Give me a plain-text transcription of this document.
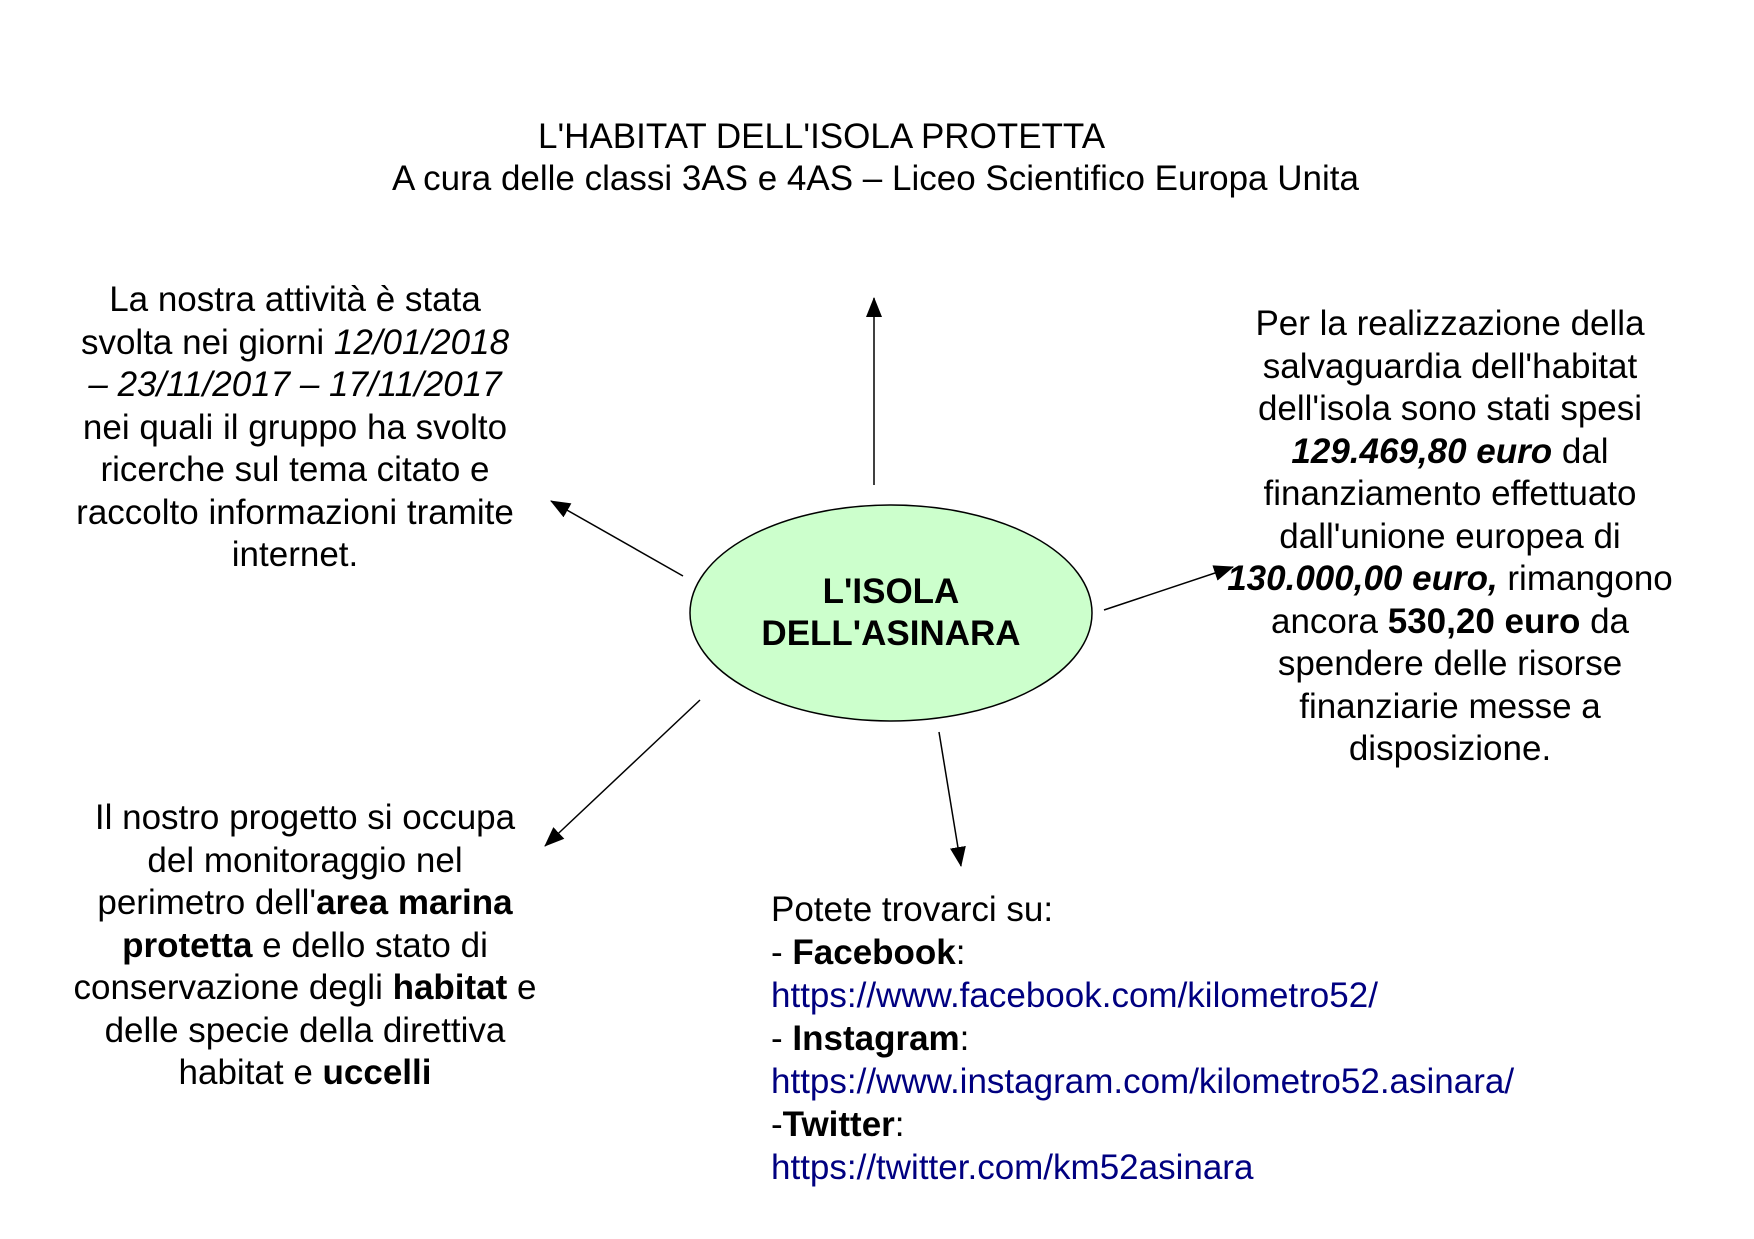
L'HABITAT DELL'ISOLA PROTETTA
A cura delle classi 3AS e 4AS – Liceo Scientifico Europa Unita
L'ISOLA
DELL'ASINARA

La nostra attività è stata svolta nei giorni 12/01/2018 – 23/11/2017 – 17/11/2017 nei quali il gruppo ha svolto ricerche sul tema citato e raccolto informazioni tramite internet.

Per la realizzazione della salvaguardia dell'habitat dell'isola sono stati spesi 129.469,80 euro dal finanziamento effettuato dall'unione europea di 130.000,00 euro, rimangono ancora 530,20 euro da spendere delle risorse finanziarie messe a disposizione.

Il nostro progetto si occupa del monitoraggio nel perimetro dell'area marina protetta e dello stato di conservazione degli habitat e delle specie della direttiva habitat e uccelli

Potete trovarci su:
- Facebook:
https://www.facebook.com/kilometro52/
- Instagram:
https://www.instagram.com/kilometro52.asinara/
-Twitter:
https://twitter.com/km52asinara
